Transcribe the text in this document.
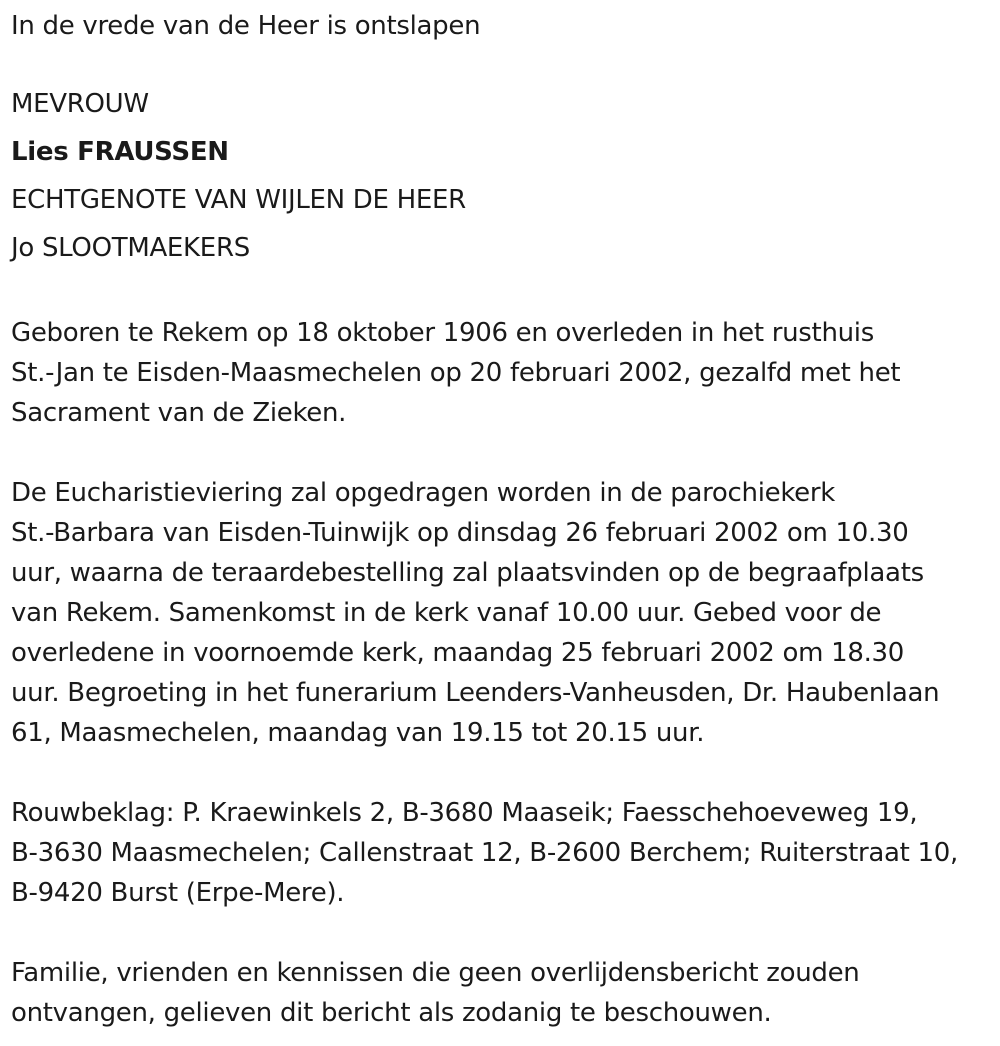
In de vrede van de Heer is ontslapen

MEVROUW

Lies FRAUSSEN

ECHTGENOTE VAN WIJLEN DE HEER

Jo SLOOTMAEKERS

Geboren te Rekem op 18 oktober 1906 en overleden in het rusthuis
St.-Jan te Eisden-Maasmechelen op 20 februari 2002, gezalfd met het
Sacrament van de Zieken.
De Eucharistieviering zal opgedragen worden in de parochiekerk
St.-Barbara van Eisden-Tuinwijk op dinsdag 26 februari 2002 om 10.30
uur, waarna de teraardebestelling zal plaatsvinden op de begraafplaats
van Rekem. Samenkomst in de kerk vanaf 10.00 uur. Gebed voor de
overledene in voornoemde kerk, maandag 25 februari 2002 om 18.30
uur. Begroeting in het funerarium Leenders-Vanheusden, Dr. Haubenlaan
61, Maasmechelen, maandag van 19.15 tot 20.15 uur.
Rouwbeklag: P. Kraewinkels 2, B-3680 Maaseik; Faesschehoeveweg 19,
B-3630 Maasmechelen; Callenstraat 12, B-2600 Berchem; Ruiterstraat 10,
B-9420 Burst (Erpe-Mere).
Familie, vrienden en kennissen die geen overlijdensbericht zouden
ontvangen, gelieven dit bericht als zodanig te beschouwen.
